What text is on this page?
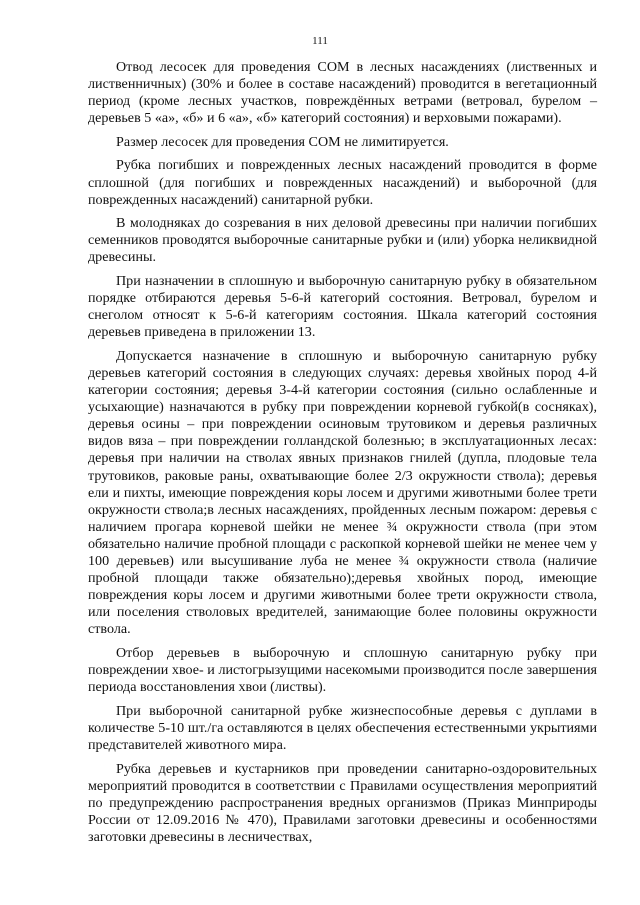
111

Отвод лесосек для проведения СОМ в лесных насаждениях (лиственных и лиственничных) (30% и более в составе насаждений) проводится в вегетационный период (кроме лесных участков, повреждённых ветрами (ветровал, бурелом – деревьев 5 «а», «б» и 6 «а», «б» категорий состояния) и верховыми пожарами).

Размер лесосек для проведения СОМ не лимитируется.

Рубка погибших и поврежденных лесных насаждений проводится в форме сплошной (для погибших и поврежденных насаждений) и выборочной (для поврежденных насаждений) санитарной рубки.

В молодняках до созревания в них деловой древесины при наличии погибших семенников проводятся выборочные санитарные рубки и (или) уборка неликвидной древесины.

При назначении в сплошную и выборочную санитарную рубку в обязательном порядке отбираются деревья 5-6-й категорий состояния. Ветровал, бурелом и снеголом относят к 5-6-й категориям состояния. Шкала категорий состояния деревьев приведена в приложении 13.

Допускается назначение в сплошную и выборочную санитарную рубку деревьев категорий состояния в следующих случаях: деревья хвойных пород 4-й категории состояния; деревья 3-4-й категории состояния (сильно ослабленные и усыхающие) назначаются в рубку при повреждении корневой губкой(в сосняках), деревья осины – при повреждении осиновым трутовиком и деревья различных видов вяза – при повреждении голландской болезнью; в эксплуатационных лесах: деревья при наличии на стволах явных признаков гнилей (дупла, плодовые тела трутовиков, раковые раны, охватывающие более 2/3 окружности ствола); деревья ели и пихты, имеющие повреждения коры лосем и другими животными более трети окружности ствола;в лесных насаждениях, пройденных лесным пожаром: деревья с наличием прогара корневой шейки не менее ¾ окружности ствола (при этом обязательно наличие пробной площади с раскопкой корневой шейки не менее чем у 100 деревьев) или высушивание луба не менее ¾ окружности ствола (наличие пробной площади также обязательно);деревья хвойных пород, имеющие повреждения коры лосем и другими животными более трети окружности ствола, или поселения стволовых вредителей, занимающие более половины окружности ствола.

Отбор деревьев в выборочную и сплошную санитарную рубку при повреждении хвое- и листогрызущими насекомыми производится после завершения периода восстановления хвои (листвы).

При выборочной санитарной рубке жизнеспособные деревья с дуплами в количестве 5-10 шт./га оставляются в целях обеспечения естественными укрытиями представителей животного мира.

Рубка деревьев и кустарников при проведении санитарно-оздоровительных мероприятий проводится в соответствии с Правилами осуществления мероприятий по предупреждению распространения вредных организмов (Приказ Минприроды России от 12.09.2016 № 470), Правилами заготовки древесины и особенностями заготовки древесины в лесничествах,
